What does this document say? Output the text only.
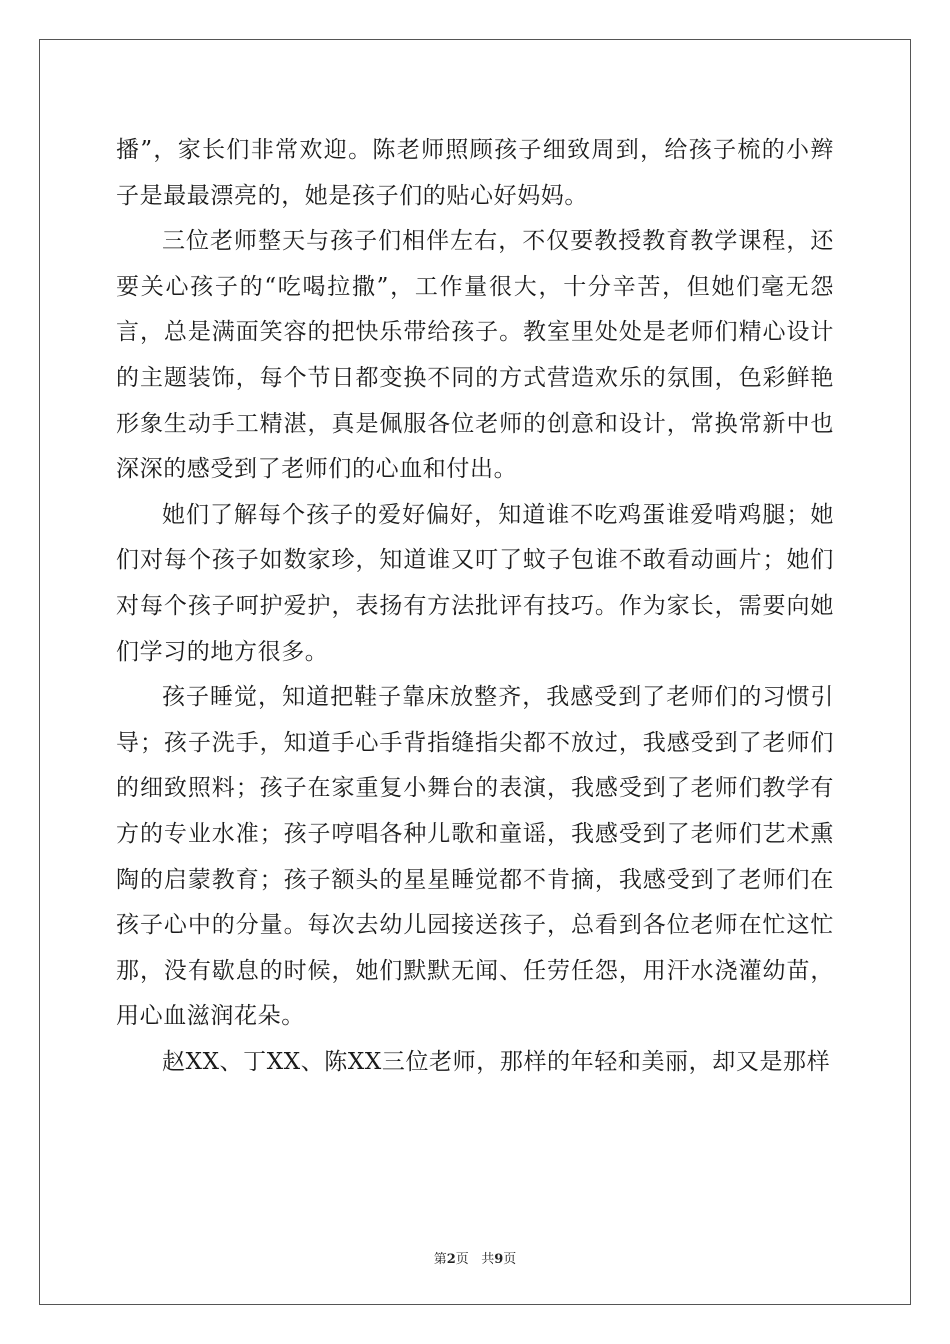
播”，家长们非常欢迎。陈老师照顾孩子细致周到，给孩子梳的小辫子是最最漂亮的，她是孩子们的贴心好妈妈。

三位老师整天与孩子们相伴左右，不仅要教授教育教学课程，还要关心孩子的“吃喝拉撒”，工作量很大，十分辛苦，但她们毫无怨言，总是满面笑容的把快乐带给孩子。教室里处处是老师们精心设计的主题装饰，每个节日都变换不同的方式营造欢乐的氛围，色彩鲜艳形象生动手工精湛，真是佩服各位老师的创意和设计，常换常新中也深深的感受到了老师们的心血和付出。

她们了解每个孩子的爱好偏好，知道谁不吃鸡蛋谁爱啃鸡腿；她们对每个孩子如数家珍，知道谁又叮了蚊子包谁不敢看动画片；她们对每个孩子呵护爱护，表扬有方法批评有技巧。作为家长，需要向她们学习的地方很多。

孩子睡觉，知道把鞋子靠床放整齐，我感受到了老师们的习惯引导；孩子洗手，知道手心手背指缝指尖都不放过，我感受到了老师们的细致照料；孩子在家重复小舞台的表演，我感受到了老师们教学有方的专业水准；孩子哼唱各种儿歌和童谣，我感受到了老师们艺术熏陶的启蒙教育；孩子额头的星星睡觉都不肯摘，我感受到了老师们在孩子心中的分量。每次去幼儿园接送孩子，总看到各位老师在忙这忙那，没有歇息的时候，她们默默无闻、任劳任怨，用汗水浇灌幼苗，用心血滋润花朵。

赵XX、丁XX、陈XX三位老师，那样的年轻和美丽，却又是那样

第2页 共9页
